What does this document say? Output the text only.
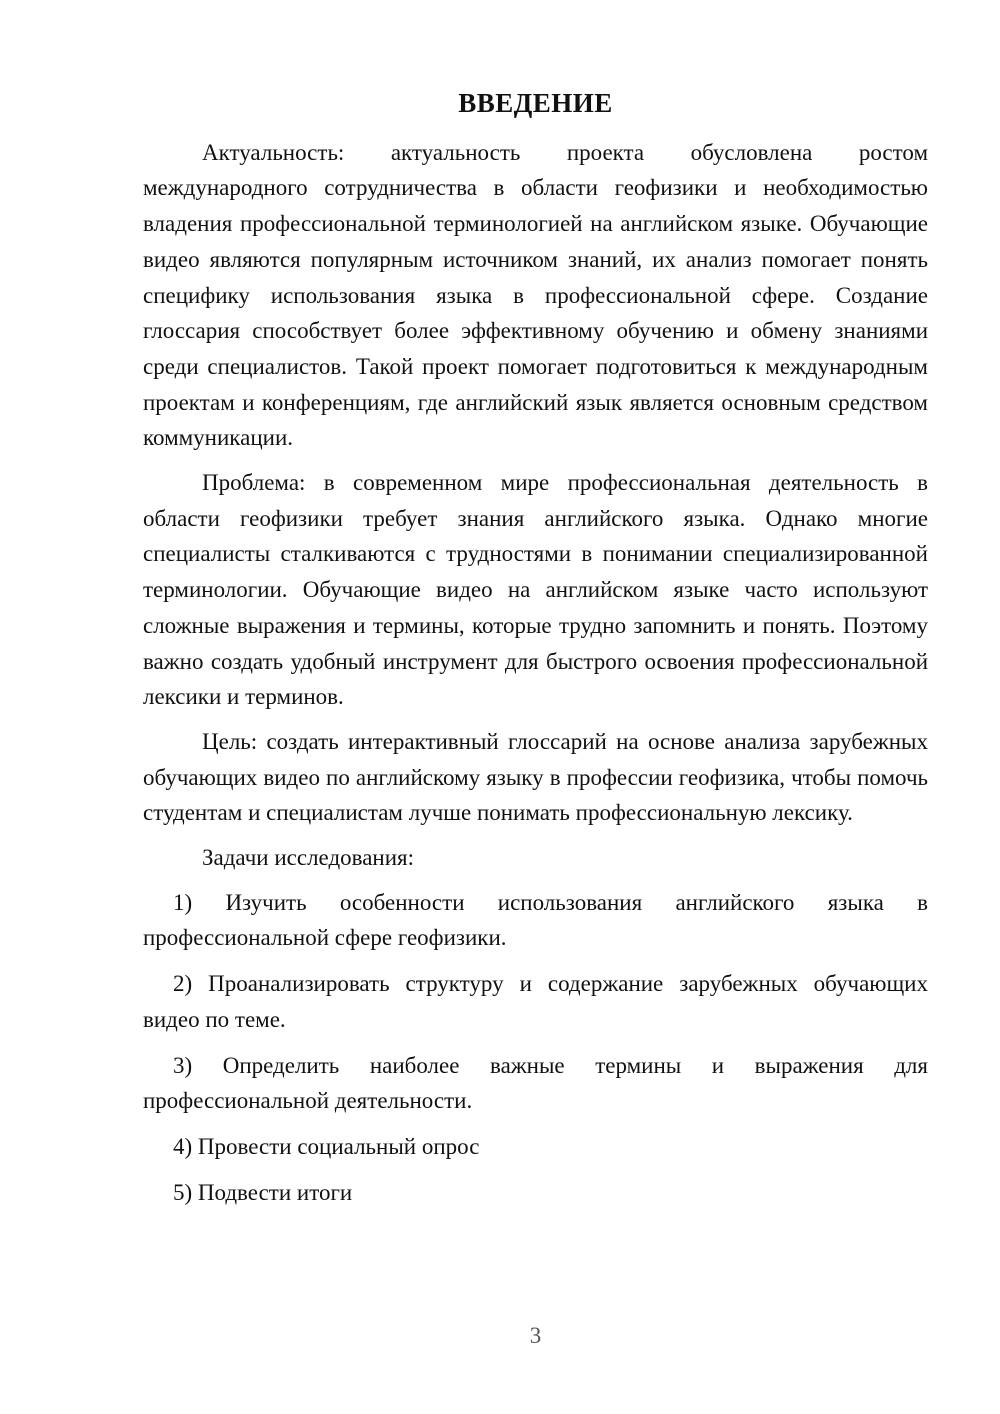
ВВЕДЕНИЕ

Актуальность: актуальность проекта обусловлена ростом международного сотрудничества в области геофизики и необходимостью владения профессиональной терминологией на английском языке. Обучающие видео являются популярным источником знаний, их анализ помогает понять специфику использования языка в профессиональной сфере. Создание глоссария способствует более эффективному обучению и обмену знаниями среди специалистов. Такой проект помогает подготовиться к международным проектам и конференциям, где английский язык является основным средством коммуникации.

Проблема: в современном мире профессиональная деятельность в области геофизики требует знания английского языка. Однако многие специалисты сталкиваются с трудностями в понимании специализированной терминологии. Обучающие видео на английском языке часто используют сложные выражения и термины, которые трудно запомнить и понять. Поэтому важно создать удобный инструмент для быстрого освоения профессиональной лексики и терминов.

Цель: создать интерактивный глоссарий на основе анализа зарубежных обучающих видео по английскому языку в профессии геофизика, чтобы помочь студентам и специалистам лучше понимать профессиональную лексику.

Задачи исследования:

1) Изучить особенности использования английского языка в профессиональной сфере геофизики.

2) Проанализировать структуру и содержание зарубежных обучающих видео по теме.

3) Определить наиболее важные термины и выражения для профессиональной деятельности.

4) Провести социальный опрос

5) Подвести итоги

3
